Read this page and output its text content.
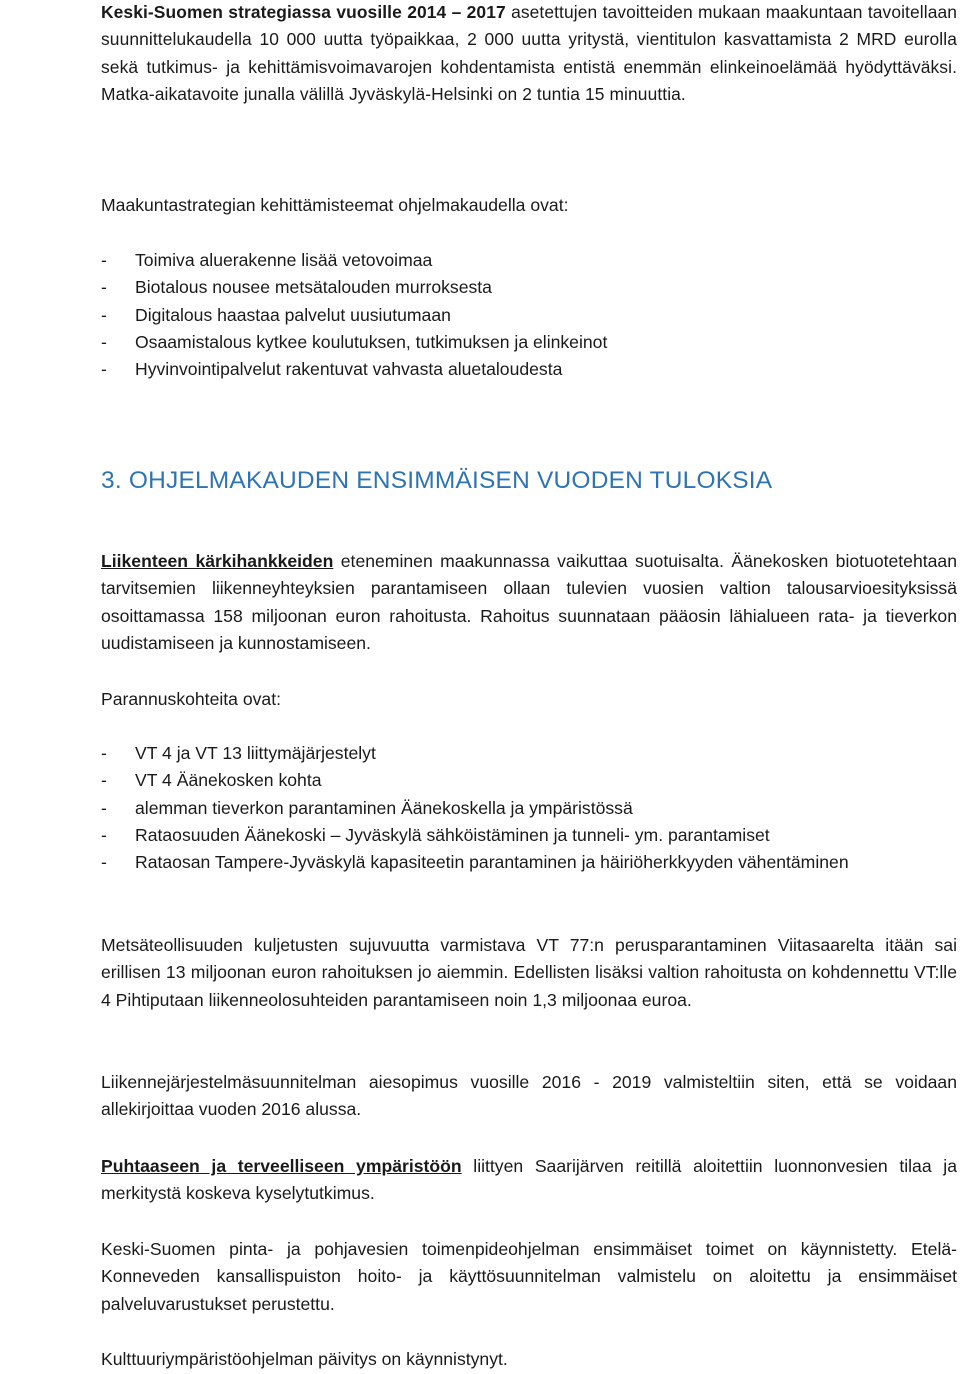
Keski-Suomen strategiassa vuosille 2014 – 2017 asetettujen tavoitteiden mukaan maakuntaan tavoitellaan suunnittelukaudella 10 000 uutta työpaikkaa, 2 000 uutta yritystä, vientitulon kasvattamista 2 MRD eurolla sekä tutkimus- ja kehittämisvoimavarojen kohdentamista entistä enemmän elinkeinoelämää hyödyttäväksi. Matka-aikatavoite junalla välillä Jyväskylä-Helsinki on 2 tuntia 15 minuuttia.

Maakuntastrategian kehittämisteemat ohjelmakaudella ovat:

-	Toimiva aluerakenne lisää vetovoimaa
-	Biotalous nousee metsätalouden murroksesta
-	Digitalous haastaa palvelut uusiutumaan
-	Osaamistalous kytkee koulutuksen, tutkimuksen ja elinkeinot
-	Hyvinvointipalvelut rakentuvat vahvasta aluetaloudesta
3. OHJELMAKAUDEN ENSIMMÄISEN VUODEN TULOKSIA

Liikenteen kärkihankkeiden eteneminen maakunnassa vaikuttaa suotuisalta. Äänekosken biotuotetehtaan tarvitsemien liikenneyhteyksien parantamiseen ollaan tulevien vuosien valtion talousarvioesityksissä osoittamassa 158 miljoonan euron rahoitusta. Rahoitus suunnataan pääosin lähialueen rata- ja tieverkon uudistamiseen ja kunnostamiseen.

Parannuskohteita ovat:

-	VT 4 ja VT 13 liittymäjärjestelyt
-	VT 4 Äänekosken kohta
-	alemman tieverkon parantaminen Äänekoskella ja ympäristössä
-	Rataosuuden Äänekoski – Jyväskylä sähköistäminen ja tunneli- ym. parantamiset
-	Rataosan Tampere-Jyväskylä kapasiteetin parantaminen ja häiriöherkkyyden vähentäminen

Metsäteollisuuden kuljetusten sujuvuutta varmistava VT 77:n perusparantaminen Viitasaarelta itään sai erillisen 13 miljoonan euron rahoituksen jo aiemmin. Edellisten lisäksi valtion rahoitusta on kohdennettu VT:lle 4 Pihtiputaan liikenneolosuhteiden parantamiseen noin 1,3 miljoonaa euroa.

Liikennejärjestelmäsuunnitelman aiesopimus vuosille 2016 - 2019 valmisteltiin siten, että se voidaan allekirjoittaa vuoden 2016 alussa.

Puhtaaseen ja terveelliseen ympäristöön liittyen Saarijärven reitillä aloitettiin luonnonvesien tilaa ja merkitystä koskeva kyselytutkimus.

Keski-Suomen pinta- ja pohjavesien toimenpideohjelman ensimmäiset toimet on käynnistetty. Etelä-Konneveden kansallispuiston hoito- ja käyttösuunnitelman valmistelu on aloitettu ja ensimmäiset palveluvarustukset perustettu.

Kulttuuriympäristöohjelman päivitys on käynnistynyt.
